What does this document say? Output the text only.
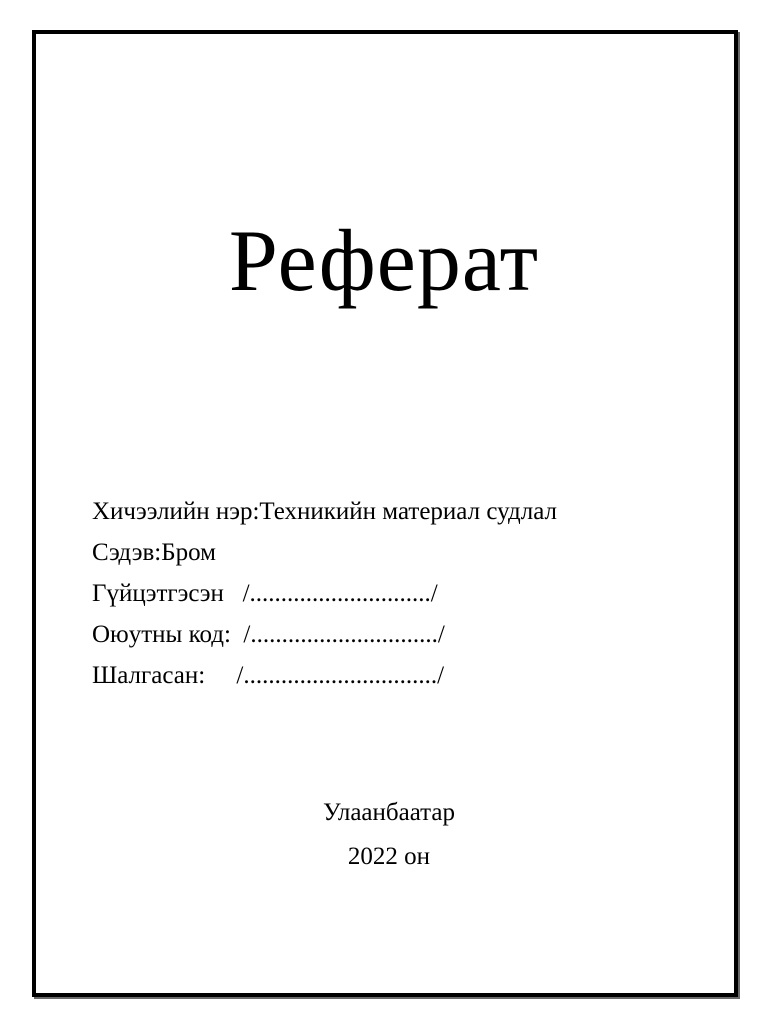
Реферат
Хичээлийн нэр:Техникийн материал судлал
Сэдэв:Бром
Гүйцэтгэсэн   /............................./
Оюутны код:  /............................../
Шалгасан:     /.............................../
Улаанбаатар
2022 он
